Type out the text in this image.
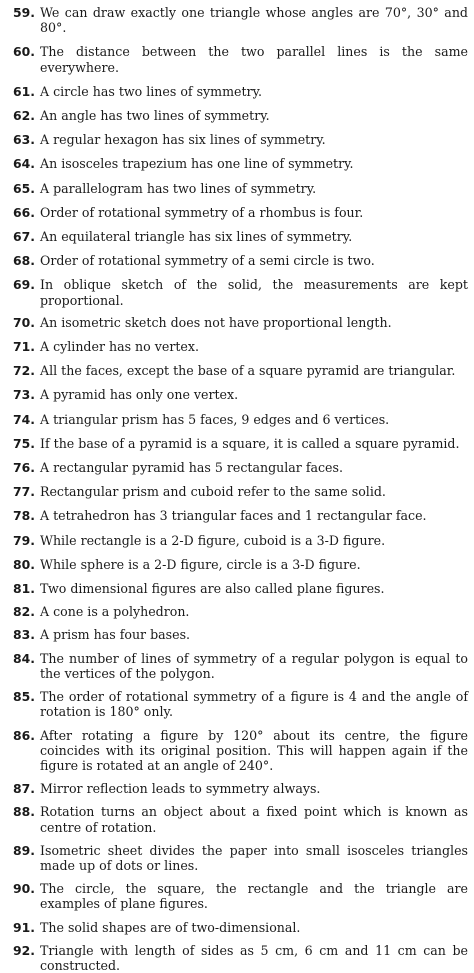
59. We can draw exactly one triangle whose angles are 70°, 30° and 80°.
60. The distance between the two parallel lines is the same everywhere.
61. A circle has two lines of symmetry.
62. An angle has two lines of symmetry.
63. A regular hexagon has six lines of symmetry.
64. An isosceles trapezium has one line of symmetry.
65. A parallelogram has two lines of symmetry.
66. Order of rotational symmetry of a rhombus is four.
67. An equilateral triangle has six lines of symmetry.
68. Order of rotational symmetry of a semi circle is two.
69. In oblique sketch of the solid, the measurements are kept proportional.
70. An isometric sketch does not have proportional length.
71. A cylinder has no vertex.
72. All the faces, except the base of a square pyramid are triangular.
73. A pyramid has only one vertex.
74. A triangular prism has 5 faces, 9 edges and 6 vertices.
75. If the base of a pyramid is a square, it is called a square pyramid.
76. A rectangular pyramid has 5 rectangular faces.
77. Rectangular prism and cuboid refer to the same solid.
78. A tetrahedron has 3 triangular faces and 1 rectangular face.
79. While rectangle is a 2-D figure, cuboid is a 3-D figure.
80. While sphere is a 2-D figure, circle is a 3-D figure.
81. Two dimensional figures are also called plane figures.
82. A cone is a polyhedron.
83. A prism has four bases.
84. The number of lines of symmetry of a regular polygon is equal to the vertices of the polygon.
85. The order of rotational symmetry of a figure is 4 and the angle of rotation is 180° only.
86. After rotating a figure by 120° about its centre, the figure coincides with its original position. This will happen again if the figure is rotated at an angle of 240°.
87. Mirror reflection leads to symmetry always.
88. Rotation turns an object about a fixed point which is known as centre of rotation.
89. Isometric sheet divides the paper into small isosceles triangles made up of dots or lines.
90. The circle, the square, the rectangle and the triangle are examples of plane figures.
91. The solid shapes are of two-dimensional.
92. Triangle with length of sides as 5 cm, 6 cm and 11 cm can be constructed.
